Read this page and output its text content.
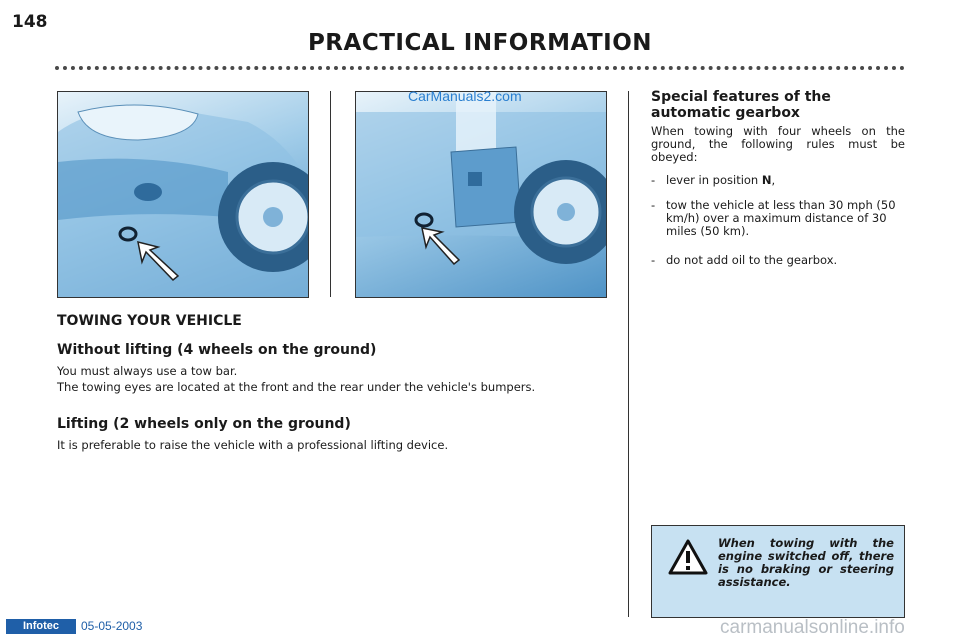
148
PRACTICAL INFORMATION
CarManuals2.com
TOWING YOUR VEHICLE
Without lifting (4 wheels on the ground)
You must always use a tow bar.
The towing eyes are located at the front and the rear under the vehicle's bumpers.
Lifting (2 wheels only on the ground)
It is preferable to raise the vehicle with a professional lifting device.
Special features of the automatic gearbox
When towing with four wheels on the ground, the following rules must be obeyed:
- lever in position N,
- tow the vehicle at less than 30 mph (50 km/h) over a maximum distance of 30 miles (50 km).
- do not add oil to the gearbox.
When towing with the engine switched off, there is no braking or steering assistance.
Infotec	05-05-2003	carmanualsonline.info
